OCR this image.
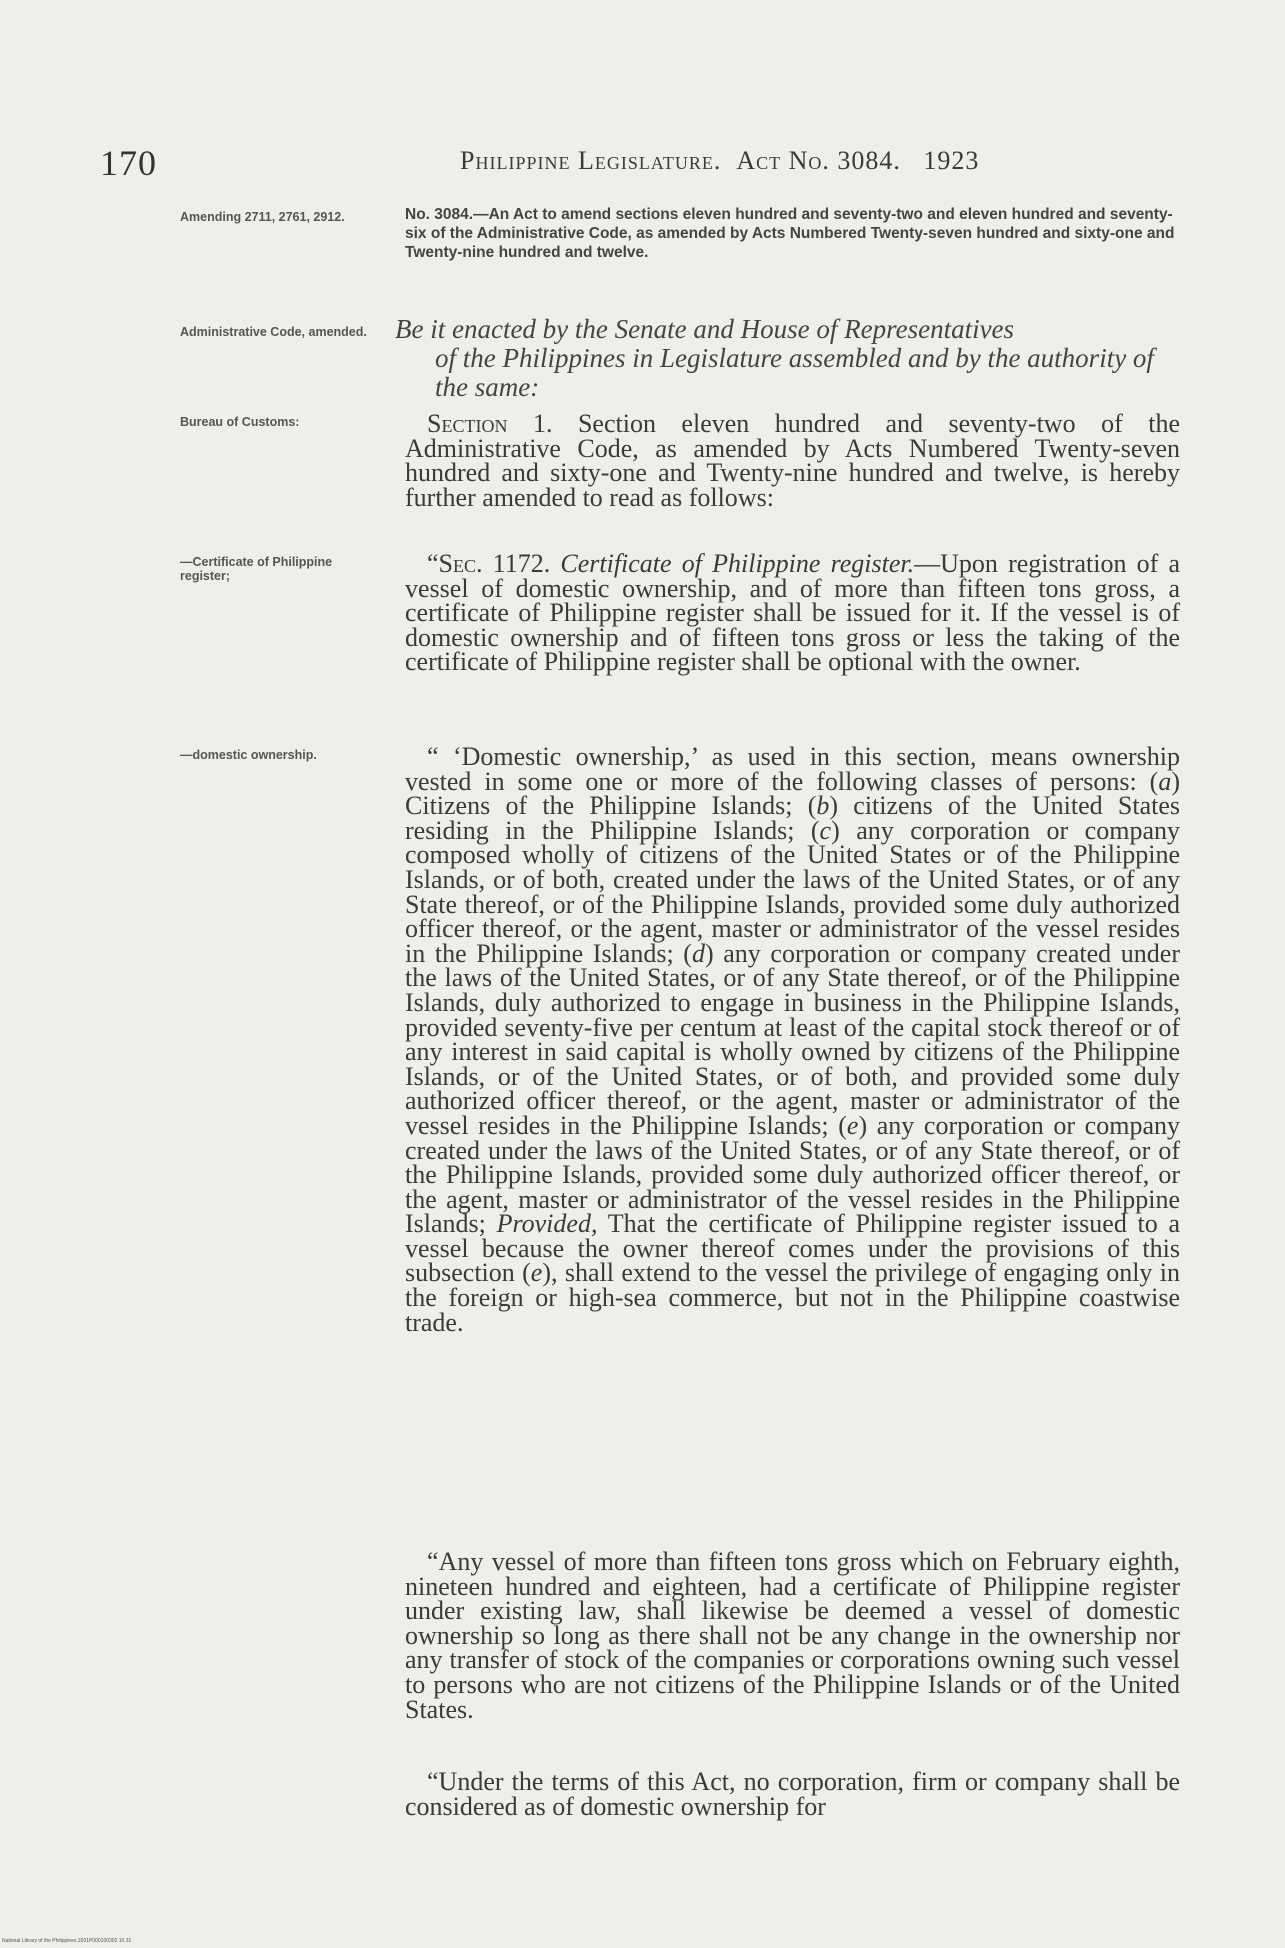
170	Philippine Legislature. Act No. 3084. 1923
Amending 2711, 2761, 2912.
Administrative Code, amended.
Bureau of Customs:
—Certificate of Philippine register;
—domestic ownership.
No. 3084.—An Act to amend sections eleven hundred and seventy-two and eleven hundred and seventy-six of the Administrative Code, as amended by Acts Numbered Twenty-seven hundred and sixty-one and Twenty-nine hundred and twelve.
Be it enacted by the Senate and House of Representatives
of the Philippines in Legislature assembled and by the authority of the same:
Section 1. Section eleven hundred and seventy-two of the Administrative Code, as amended by Acts Numbered Twenty-seven hundred and sixty-one and Twenty-nine hundred and twelve, is hereby further amended to read as follows:
“Sec. 1172. Certificate of Philippine register.—Upon registration of a vessel of domestic ownership, and of more than fifteen tons gross, a certificate of Philippine register shall be issued for it. If the vessel is of domestic ownership and of fifteen tons gross or less the taking of the certificate of Philippine register shall be optional with the owner.
“ ‘Domestic ownership,’ as used in this section, means ownership vested in some one or more of the following classes of persons: (a) Citizens of the Philippine Islands; (b) citizens of the United States residing in the Philippine Islands; (c) any corporation or company composed wholly of citizens of the United States or of the Philippine Islands, or of both, created under the laws of the United States, or of any State thereof, or of the Philippine Islands, provided some duly authorized officer thereof, or the agent, master or administrator of the vessel resides in the Philippine Islands; (d) any corporation or company created under the laws of the United States, or of any State thereof, or of the Philippine Islands, duly authorized to engage in business in the Philippine Islands, provided seventy-five per centum at least of the capital stock thereof or of any interest in said capital is wholly owned by citizens of the Philippine Islands, or of the United States, or of both, and provided some duly authorized officer thereof, or the agent, master or administrator of the vessel resides in the Philippine Islands; (e) any corporation or company created under the laws of the United States, or of any State thereof, or of the Philippine Islands, provided some duly authorized officer thereof, or the agent, master or administrator of the vessel resides in the Philippine Islands; Provided, That the certificate of Philippine register issued to a vessel because the owner thereof comes under the provisions of this subsection (e), shall extend to the vessel the privilege of engaging only in the foreign or high-sea commerce, but not in the Philippine coastwise trade.
“Any vessel of more than fifteen tons gross which on February eighth, nineteen hundred and eighteen, had a certificate of Philippine register under existing law, shall likewise be deemed a vessel of domestic ownership so long as there shall not be any change in the ownership nor any transfer of stock of the companies or corporations owning such vessel to persons who are not citizens of the Philippine Islands or of the United States.
“Under the terms of this Act, no corporation, firm or company shall be considered as of domestic ownership for
National Library of the Philippines 2001P000100302 10.31
